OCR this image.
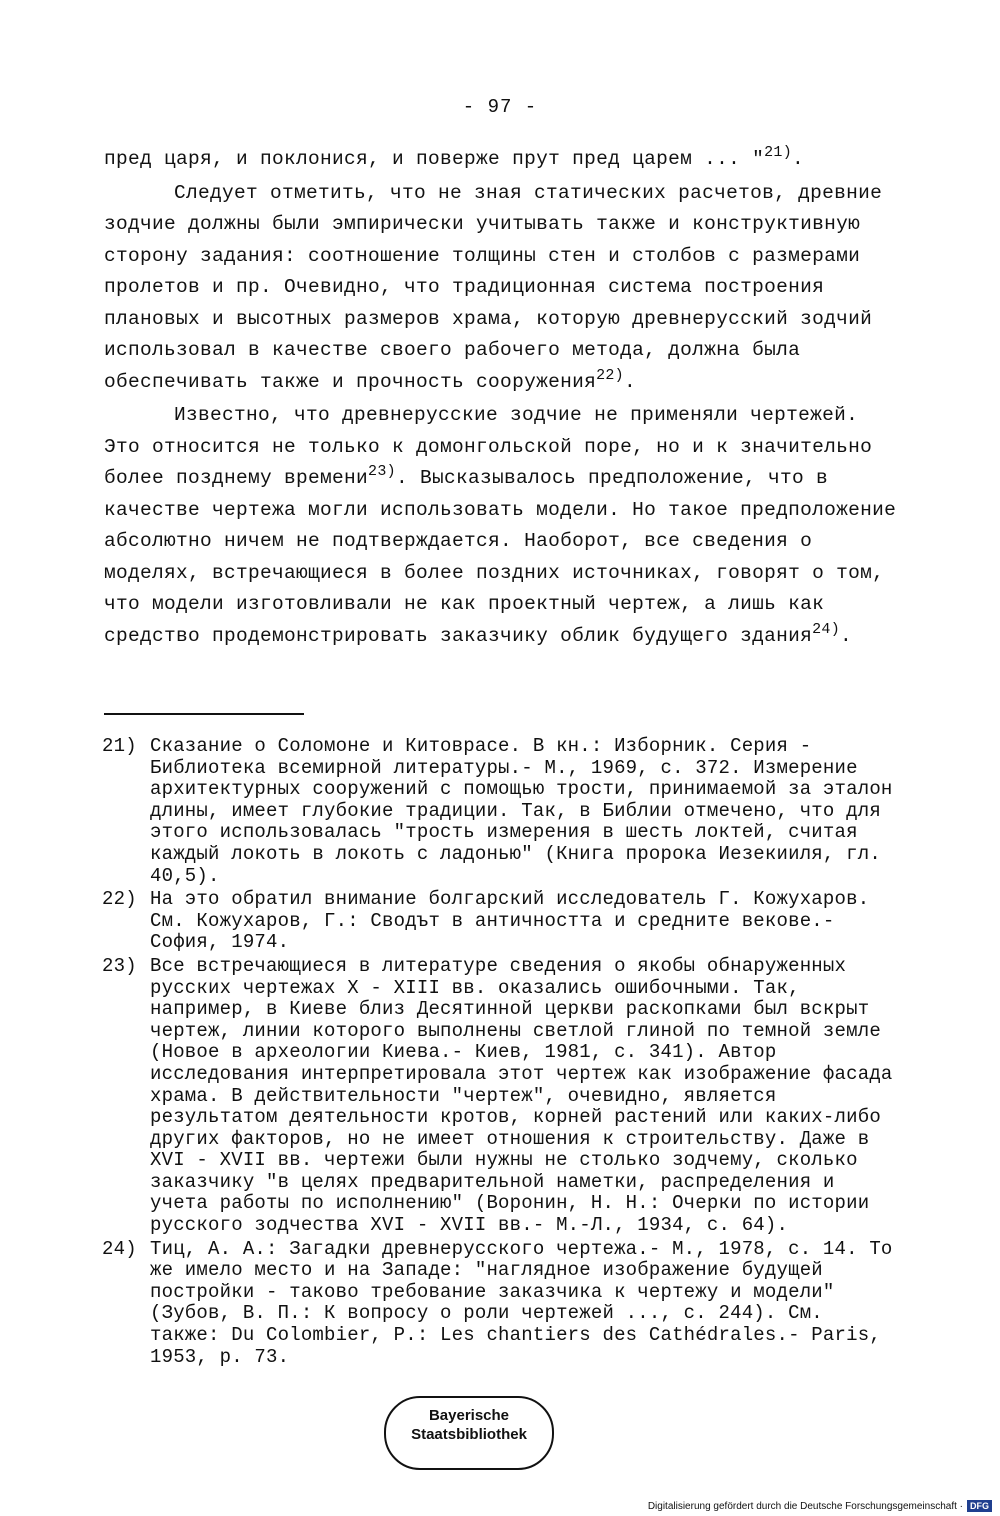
- 97 -

пред царя, и поклонися, и поверже прут пред царем ... "$^{21)}$.

Следует отметить, что не зная статических расчетов, древние зодчие должны были эмпирически учитывать также и конструктивную сторону задания: соотношение толщины стен и столбов с размерами пролетов и пр. Очевидно, что традиционная система построения плановых и высотных размеров храма, которую древнерусский зодчий использовал в качестве своего рабочего метода, должна была обеспечивать также и прочность сооружения$^{22)}$.

Известно, что древнерусские зодчие не применяли чертежей. Это относится не только к домонгольской поре, но и к значительно более позднему времени$^{23)}$. Высказывалось предположение, что в качестве чертежа могли использовать модели. Но такое предположение абсолютно ничем не подтверждается. Наоборот, все сведения о моделях, встречающиеся в более поздних источниках, говорят о том, что модели изготовливали не как проектный чертеж, а лишь как средство продемонстрировать заказчику облик будущего здания$^{24)}$.

21) Сказание о Соломоне и Китоврасе. В кн.: Изборник. Серия - Библиотека всемирной литературы.- М., 1969, с. 372. Измерение архитектурных сооружений с помощью трости, принимаемой за эталон длины, имеет глубокие традиции. Так, в Библии отмечено, что для этого использовалась "трость измерения в шесть локтей, считая каждый локоть в локоть с ладонью" (Книга пророка Иезекииля, гл. 40,5).

22) На это обратил внимание болгарский исследователь Г. Кожухаров. См. Кожухаров, Г.: Сводът в античността и средните векове.- София, 1974.

23) Все встречающиеся в литературе сведения о якобы обнаруженных русских чертежах X - XIII вв. оказались ошибочными. Так, например, в Киеве близ Десятинной церкви раскопками был вскрыт чертеж, линии которого выполнены светлой глиной по темной земле (Новое в археологии Киева.- Киев, 1981, с. 341). Автор исследования интерпретировала этот чертеж как изображение фасада храма. В действительности "чертеж", очевидно, является результатом деятельности кротов, корней растений или каких-либо других факторов, но не имеет отношения к строительству. Даже в XVI - XVII вв. чертежи были нужны не столько зодчему, сколько заказчику "в целях предварительной наметки, распределения и учета работы по исполнению" (Воронин, Н. Н.: Очерки по истории русского зодчества XVI - XVII вв.- М.-Л., 1934, с. 64).

24) Тиц, А. А.: Загадки древнерусского чертежа.- М., 1978, с. 14. То же имело место и на Западе: "наглядное изображение будущей постройки - таково требование заказчика к чертежу и модели" (Зубов, В. П.: К вопросу о роли чертежей ..., с. 244). См. также: Du Colombier, P.: Les chantiers des Cathédrales.- Paris, 1953, p. 73.

Bayerische
Staatsbibliothek
Digitalisierung gefördert durch die Deutsche Forschungsgemeinschaft · DFG
